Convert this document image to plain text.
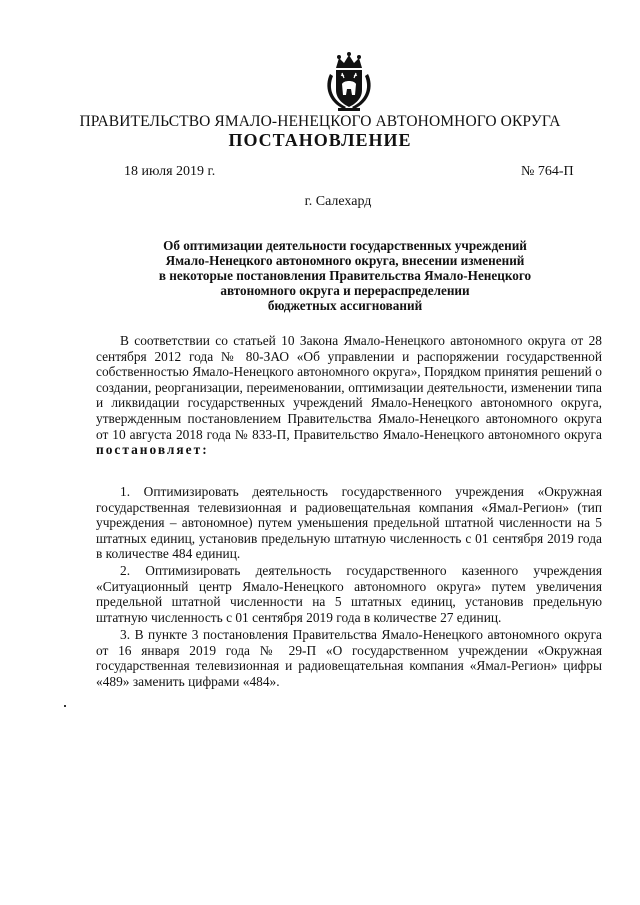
ПРАВИТЕЛЬСТВО ЯМАЛО-НЕНЕЦКОГО АВТОНОМНОГО ОКРУГА
ПОСТАНОВЛЕНИЕ
18 июля 2019 г.	№ 764-П
г. Салехард
Об оптимизации деятельности государственных учреждений
Ямало-Ненецкого автономного округа, внесении изменений
в некоторые постановления Правительства Ямало-Ненецкого
автономного округа и перераспределении
бюджетных ассигнований

В соответствии со статьей 10 Закона Ямало-Ненецкого автономного округа от 28 сентября 2012 года № 80-ЗАО «Об управлении и распоряжении государственной собственностью Ямало-Ненецкого автономного округа», Порядком принятия решений о создании, реорганизации, переименовании, оптимизации деятельности, изменении типа и ликвидации государственных учреждений Ямало-Ненецкого автономного округа, утвержденным постановлением Правительства Ямало-Ненецкого автономного округа от 10 августа 2018 года № 833-П, Правительство Ямало-Ненецкого автономного округа постановляет:

1. Оптимизировать деятельность государственного учреждения «Окружная государственная телевизионная и радиовещательная компания «Ямал-Регион» (тип учреждения – автономное) путем уменьшения предельной штатной численности на 5 штатных единиц, установив предельную штатную численность с 01 сентября 2019 года в количестве 484 единиц.

2. Оптимизировать деятельность государственного казенного учреждения «Ситуационный центр Ямало-Ненецкого автономного округа» путем увеличения предельной штатной численности на 5 штатных единиц, установив предельную штатную численность с 01 сентября 2019 года в количестве 27 единиц.

3. В пункте 3 постановления Правительства Ямало-Ненецкого автономного округа от 16 января 2019 года № 29-П «О государственном учреждении «Окружная государственная телевизионная и радиовещательная компания «Ямал-Регион» цифры «489» заменить цифрами «484».
